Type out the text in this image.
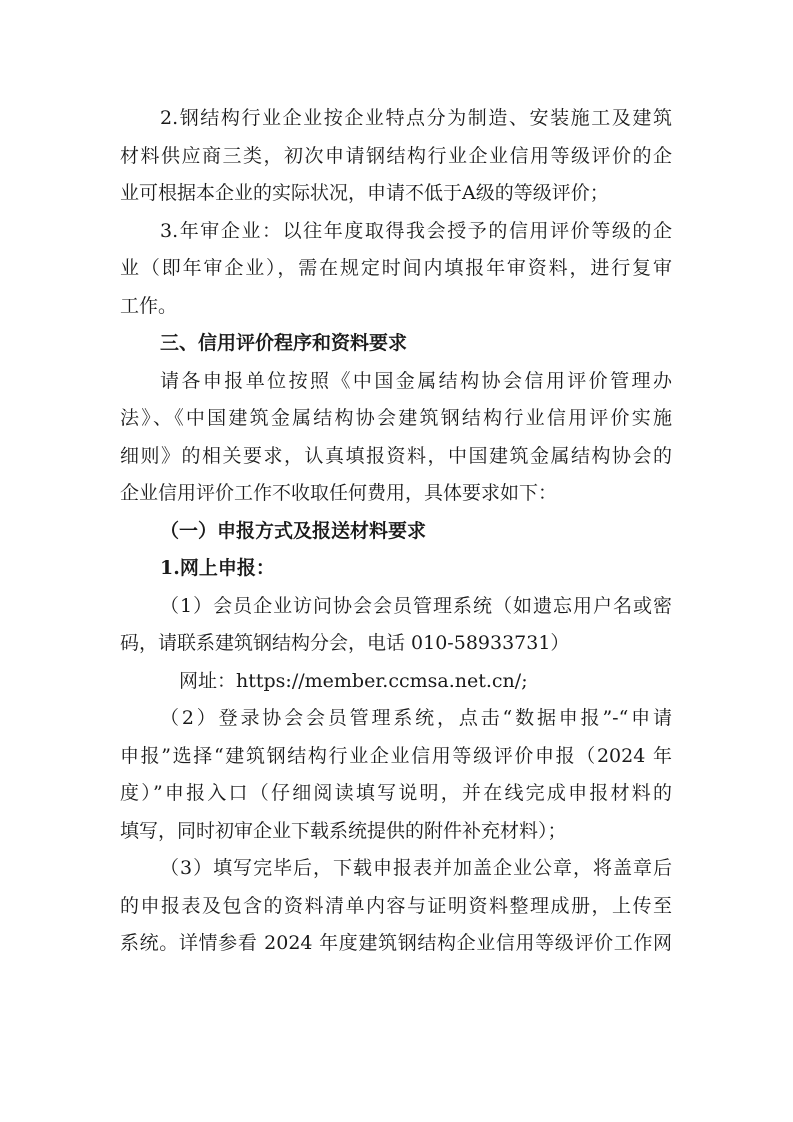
2.钢结构行业企业按企业特点分为制造、安装施工及建筑
材料供应商三类，初次申请钢结构行业企业信用等级评价的企
业可根据本企业的实际状况，申请不低于A级的等级评价；
3.年审企业：以往年度取得我会授予的信用评价等级的企
业（即年审企业），需在规定时间内填报年审资料，进行复审
工作。
三、信用评价程序和资料要求
请各申报单位按照《中国金属结构协会信用评价管理办
法》、《中国建筑金属结构协会建筑钢结构行业信用评价实施
细则》的相关要求，认真填报资料，中国建筑金属结构协会的
企业信用评价工作不收取任何费用，具体要求如下：
（一）申报方式及报送材料要求
1.网上申报：
（1）会员企业访问协会会员管理系统（如遗忘用户名或密
码，请联系建筑钢结构分会，电话 010-58933731）
网址：https://member.ccmsa.net.cn/;
（2）登录协会会员管理系统，点击“数据申报”-“申请
申报”选择“建筑钢结构行业企业信用等级评价申报（2024 年
度）”申报入口（仔细阅读填写说明，并在线完成申报材料的
填写，同时初审企业下载系统提供的附件补充材料）；
（3）填写完毕后，下载申报表并加盖企业公章，将盖章后
的申报表及包含的资料清单内容与证明资料整理成册，上传至
系统。详情参看 2024 年度建筑钢结构企业信用等级评价工作网
